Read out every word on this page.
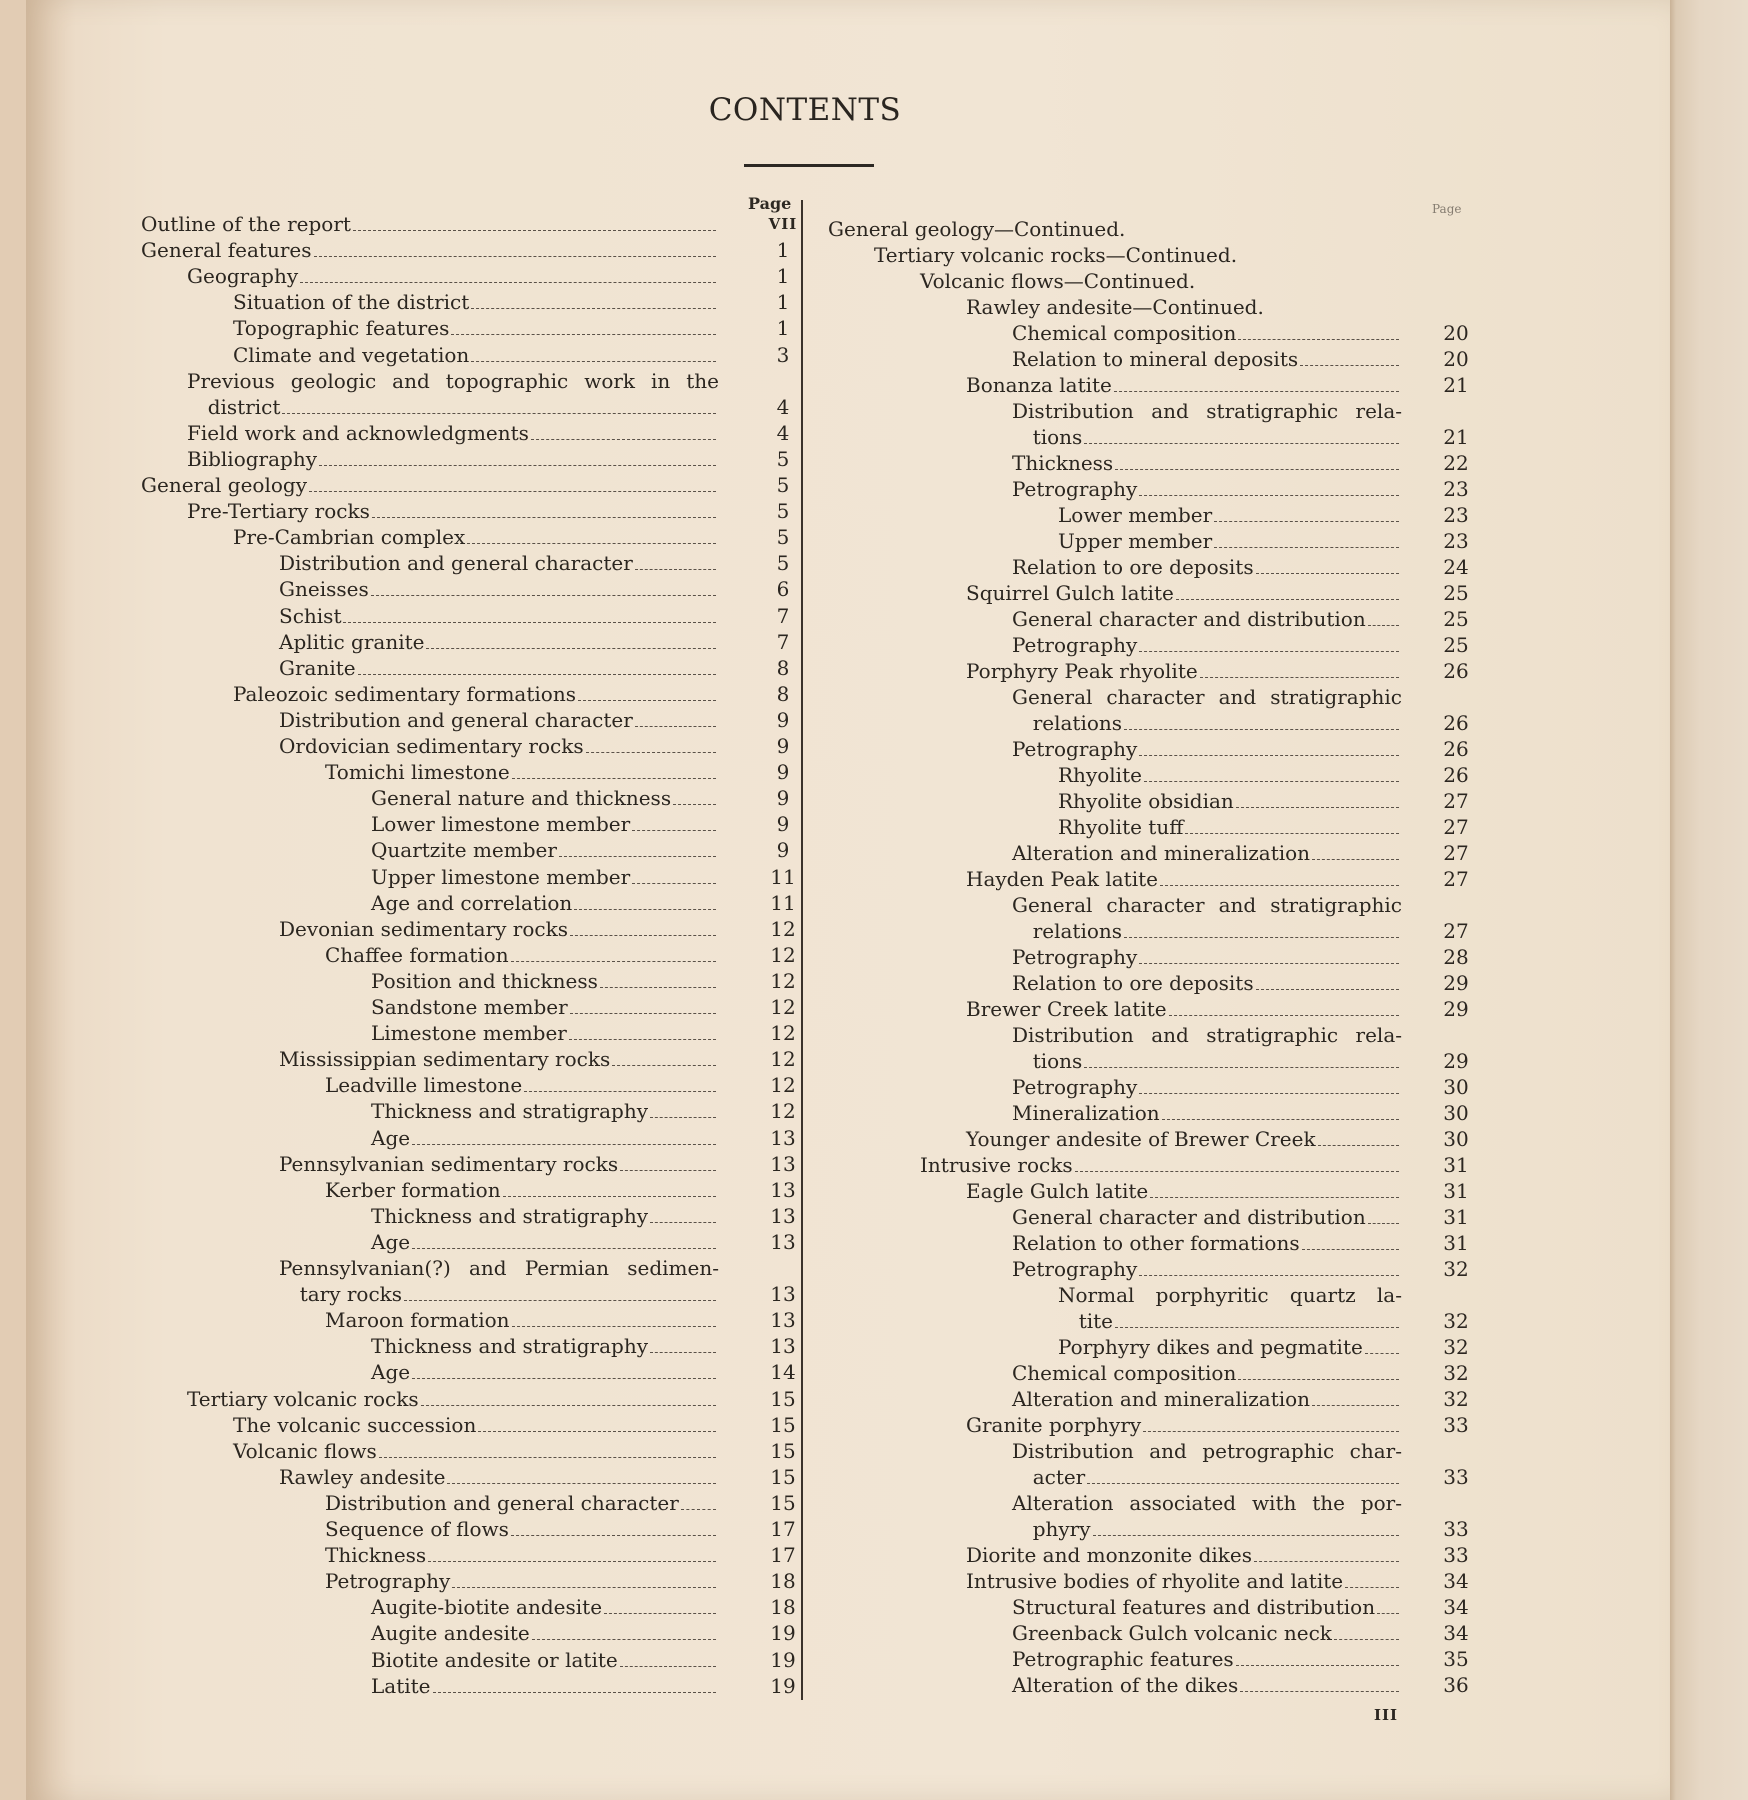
CONTENTS
Page	Page
Outline of the report	VII
General features	1
Geography	1
Situation of the district	1
Topographic features	1
Climate and vegetation	3
Previous geologic and topographic work in the
district	4
Field work and acknowledgments	4
Bibliography	5
General geology	5
Pre-Tertiary rocks	5
Pre-Cambrian complex	5
Distribution and general character	5
Gneisses	6
Schist	7
Aplitic granite	7
Granite	8
Paleozoic sedimentary formations	8
Distribution and general character	9
Ordovician sedimentary rocks	9
Tomichi limestone	9
General nature and thickness	9
Lower limestone member	9
Quartzite member	9
Upper limestone member	11
Age and correlation	11
Devonian sedimentary rocks	12
Chaffee formation	12
Position and thickness	12
Sandstone member	12
Limestone member	12
Mississippian sedimentary rocks	12
Leadville limestone	12
Thickness and stratigraphy	12
Age	13
Pennsylvanian sedimentary rocks	13
Kerber formation	13
Thickness and stratigraphy	13
Age	13
Pennsylvanian(?) and Permian sedimen-
tary rocks	13
Maroon formation	13
Thickness and stratigraphy	13
Age	14
Tertiary volcanic rocks	15
The volcanic succession	15
Volcanic flows	15
Rawley andesite	15
Distribution and general character	15
Sequence of flows	17
Thickness	17
Petrography	18
Augite-biotite andesite	18
Augite andesite	19
Biotite andesite or latite	19
Latite	19
General geology—Continued.
Tertiary volcanic rocks—Continued.
Volcanic flows—Continued.
Rawley andesite—Continued.
Chemical composition	20
Relation to mineral deposits	20
Bonanza latite	21
Distribution and stratigraphic rela-
tions	21
Thickness	22
Petrography	23
Lower member	23
Upper member	23
Relation to ore deposits	24
Squirrel Gulch latite	25
General character and distribution	25
Petrography	25
Porphyry Peak rhyolite	26
General character and stratigraphic
relations	26
Petrography	26
Rhyolite	26
Rhyolite obsidian	27
Rhyolite tuff	27
Alteration and mineralization	27
Hayden Peak latite	27
General character and stratigraphic
relations	27
Petrography	28
Relation to ore deposits	29
Brewer Creek latite	29
Distribution and stratigraphic rela-
tions	29
Petrography	30
Mineralization	30
Younger andesite of Brewer Creek	30
Intrusive rocks	31
Eagle Gulch latite	31
General character and distribution	31
Relation to other formations	31
Petrography	32
Normal porphyritic quartz la-
tite	32
Porphyry dikes and pegmatite	32
Chemical composition	32
Alteration and mineralization	32
Granite porphyry	33
Distribution and petrographic char-
acter	33
Alteration associated with the por-
phyry	33
Diorite and monzonite dikes	33
Intrusive bodies of rhyolite and latite	34
Structural features and distribution	34
Greenback Gulch volcanic neck	34
Petrographic features	35
Alteration of the dikes	36
III
